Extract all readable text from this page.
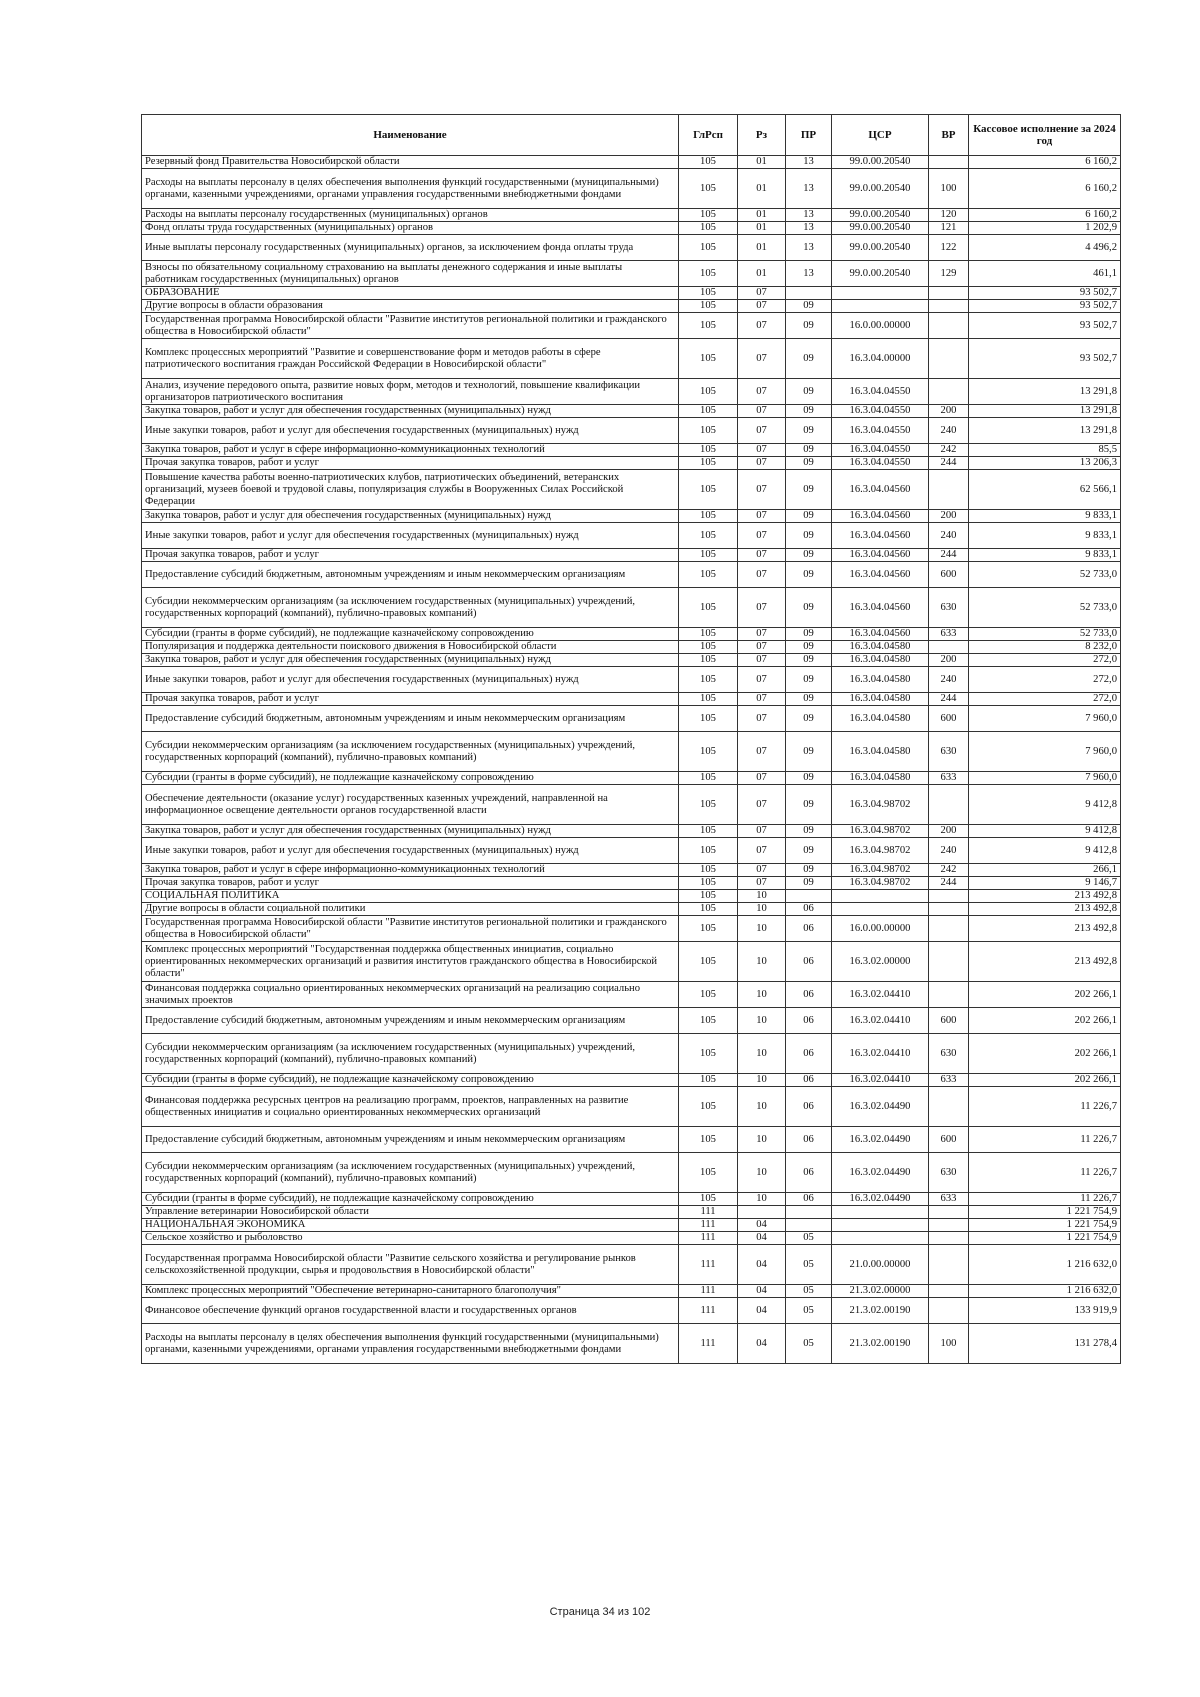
Наименование	ГлРсп	Рз	ПР	ЦСР	ВР	Кассовое исполнение за 2024 год
Резервный фонд Правительства Новосибирской области	105	01	13	99.0.00.20540		6 160,2
Расходы на выплаты персоналу в целях обеспечения выполнения функций государственными (муниципальными) органами, казенными учреждениями, органами управления государственными внебюджетными фондами	105	01	13	99.0.00.20540	100	6 160,2
Расходы на выплаты персоналу государственных (муниципальных) органов	105	01	13	99.0.00.20540	120	6 160,2
Фонд оплаты труда государственных (муниципальных) органов	105	01	13	99.0.00.20540	121	1 202,9
Иные выплаты персоналу государственных (муниципальных) органов, за исключением фонда оплаты труда	105	01	13	99.0.00.20540	122	4 496,2
Взносы по обязательному социальному страхованию на выплаты денежного содержания и иные выплаты работникам государственных (муниципальных) органов	105	01	13	99.0.00.20540	129	461,1
ОБРАЗОВАНИЕ	105	07				93 502,7
Другие вопросы в области образования	105	07	09			93 502,7
Государственная программа Новосибирской области "Развитие институтов региональной политики и гражданского общества в Новосибирской области"	105	07	09	16.0.00.00000		93 502,7
Комплекс процессных мероприятий "Развитие и совершенствование форм и методов работы в сфере патриотического воспитания граждан Российской Федерации в Новосибирской области"	105	07	09	16.3.04.00000		93 502,7
Анализ, изучение передового опыта, развитие новых форм, методов и технологий, повышение квалификации организаторов патриотического воспитания	105	07	09	16.3.04.04550		13 291,8
Закупка товаров, работ и услуг для обеспечения государственных (муниципальных) нужд	105	07	09	16.3.04.04550	200	13 291,8
Иные закупки товаров, работ и услуг для обеспечения государственных (муниципальных) нужд	105	07	09	16.3.04.04550	240	13 291,8
Закупка товаров, работ и услуг в сфере информационно-коммуникационных технологий	105	07	09	16.3.04.04550	242	85,5
Прочая закупка товаров, работ и услуг	105	07	09	16.3.04.04550	244	13 206,3
Повышение качества работы военно-патриотических клубов, патриотических объединений, ветеранских организаций, музеев боевой и трудовой славы, популяризация службы в Вооруженных Силах Российской Федерации	105	07	09	16.3.04.04560		62 566,1
Закупка товаров, работ и услуг для обеспечения государственных (муниципальных) нужд	105	07	09	16.3.04.04560	200	9 833,1
Иные закупки товаров, работ и услуг для обеспечения государственных (муниципальных) нужд	105	07	09	16.3.04.04560	240	9 833,1
Прочая закупка товаров, работ и услуг	105	07	09	16.3.04.04560	244	9 833,1
Предоставление субсидий бюджетным, автономным учреждениям и иным некоммерческим организациям	105	07	09	16.3.04.04560	600	52 733,0
Субсидии некоммерческим организациям (за исключением государственных (муниципальных) учреждений, государственных корпораций (компаний), публично-правовых компаний)	105	07	09	16.3.04.04560	630	52 733,0
Субсидии (гранты в форме субсидий), не подлежащие казначейскому сопровождению	105	07	09	16.3.04.04560	633	52 733,0
Популяризация и поддержка деятельности поискового движения в Новосибирской области	105	07	09	16.3.04.04580		8 232,0
Закупка товаров, работ и услуг для обеспечения государственных (муниципальных) нужд	105	07	09	16.3.04.04580	200	272,0
Иные закупки товаров, работ и услуг для обеспечения государственных (муниципальных) нужд	105	07	09	16.3.04.04580	240	272,0
Прочая закупка товаров, работ и услуг	105	07	09	16.3.04.04580	244	272,0
Предоставление субсидий бюджетным, автономным учреждениям и иным некоммерческим организациям	105	07	09	16.3.04.04580	600	7 960,0
Субсидии некоммерческим организациям (за исключением государственных (муниципальных) учреждений, государственных корпораций (компаний), публично-правовых компаний)	105	07	09	16.3.04.04580	630	7 960,0
Субсидии (гранты в форме субсидий), не подлежащие казначейскому сопровождению	105	07	09	16.3.04.04580	633	7 960,0
Обеспечение деятельности (оказание услуг) государственных казенных учреждений, направленной на информационное освещение деятельности органов государственной власти	105	07	09	16.3.04.98702		9 412,8
Закупка товаров, работ и услуг для обеспечения государственных (муниципальных) нужд	105	07	09	16.3.04.98702	200	9 412,8
Иные закупки товаров, работ и услуг для обеспечения государственных (муниципальных) нужд	105	07	09	16.3.04.98702	240	9 412,8
Закупка товаров, работ и услуг в сфере информационно-коммуникационных технологий	105	07	09	16.3.04.98702	242	266,1
Прочая закупка товаров, работ и услуг	105	07	09	16.3.04.98702	244	9 146,7
СОЦИАЛЬНАЯ ПОЛИТИКА	105	10				213 492,8
Другие вопросы в области социальной политики	105	10	06			213 492,8
Государственная программа Новосибирской области "Развитие институтов региональной политики и гражданского общества в Новосибирской области"	105	10	06	16.0.00.00000		213 492,8
Комплекс процессных мероприятий "Государственная поддержка общественных инициатив, социально ориентированных некоммерческих организаций и развития институтов гражданского общества в Новосибирской области"	105	10	06	16.3.02.00000		213 492,8
Финансовая поддержка социально ориентированных некоммерческих организаций на реализацию социально значимых проектов	105	10	06	16.3.02.04410		202 266,1
Предоставление субсидий бюджетным, автономным учреждениям и иным некоммерческим организациям	105	10	06	16.3.02.04410	600	202 266,1
Субсидии некоммерческим организациям (за исключением государственных (муниципальных) учреждений, государственных корпораций (компаний), публично-правовых компаний)	105	10	06	16.3.02.04410	630	202 266,1
Субсидии (гранты в форме субсидий), не подлежащие казначейскому сопровождению	105	10	06	16.3.02.04410	633	202 266,1
Финансовая поддержка ресурсных центров на реализацию программ, проектов, направленных на развитие общественных инициатив и социально ориентированных некоммерческих организаций	105	10	06	16.3.02.04490		11 226,7
Предоставление субсидий бюджетным, автономным учреждениям и иным некоммерческим организациям	105	10	06	16.3.02.04490	600	11 226,7
Субсидии некоммерческим организациям (за исключением государственных (муниципальных) учреждений, государственных корпораций (компаний), публично-правовых компаний)	105	10	06	16.3.02.04490	630	11 226,7
Субсидии (гранты в форме субсидий), не подлежащие казначейскому сопровождению	105	10	06	16.3.02.04490	633	11 226,7
Управление ветеринарии Новосибирской области	111					1 221 754,9
НАЦИОНАЛЬНАЯ ЭКОНОМИКА	111	04				1 221 754,9
Сельское хозяйство и рыболовство	111	04	05			1 221 754,9
Государственная программа Новосибирской области "Развитие сельского хозяйства и регулирование рынков сельскохозяйственной продукции, сырья и продовольствия в Новосибирской области"	111	04	05	21.0.00.00000		1 216 632,0
Комплекс процессных мероприятий "Обеспечение ветеринарно-санитарного благополучия"	111	04	05	21.3.02.00000		1 216 632,0
Финансовое обеспечение функций органов государственной власти и государственных органов	111	04	05	21.3.02.00190		133 919,9
Расходы на выплаты персоналу в целях обеспечения выполнения функций государственными (муниципальными) органами, казенными учреждениями, органами управления государственными внебюджетными фондами	111	04	05	21.3.02.00190	100	131 278,4
Страница 34 из 102
